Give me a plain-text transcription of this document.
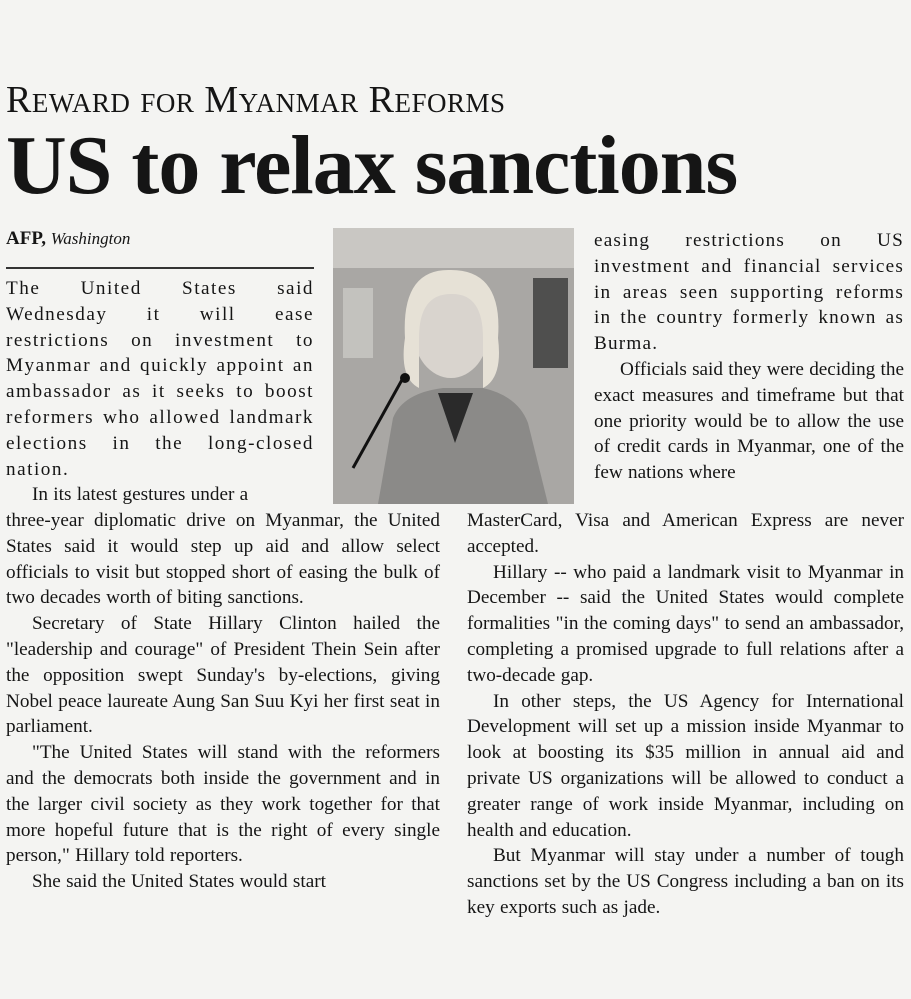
Reward for Myanmar Reforms
US to relax sanctions
AFP, Washington

The United States said Wednesday it will ease restrictions on investment to Myanmar and quickly appoint an ambassador as it seeks to boost reformers who allowed landmark elections in the long-closed nation.

In its latest gestures under a

three-year diplomatic drive on Myanmar, the United States said it would step up aid and allow select officials to visit but stopped short of easing the bulk of two decades worth of biting sanctions.

Secretary of State Hillary Clinton hailed the "leadership and courage" of President Thein Sein after the opposition swept Sunday's by-elections, giving Nobel peace laureate Aung San Suu Kyi her first seat in parliament.

"The United States will stand with the reformers and the democrats both inside the government and in the larger civil society as they work together for that more hopeful future that is the right of every single person," Hillary told reporters.

She said the United States would start

easing restrictions on US investment and financial services in areas seen supporting reforms in the country formerly known as Burma.

Officials said they were deciding the exact measures and timeframe but that one priority would be to allow the use of credit cards in Myanmar, one of the few nations where

MasterCard, Visa and American Express are never accepted.

Hillary -- who paid a landmark visit to Myanmar in December -- said the United States would complete formalities "in the coming days" to send an ambassador, completing a promised upgrade to full relations after a two-decade gap.

In other steps, the US Agency for International Development will set up a mission inside Myanmar to look at boosting its $35 million in annual aid and private US organizations will be allowed to conduct a greater range of work inside Myanmar, including on health and education.

But Myanmar will stay under a number of tough sanctions set by the US Congress including a ban on its key exports such as jade.
